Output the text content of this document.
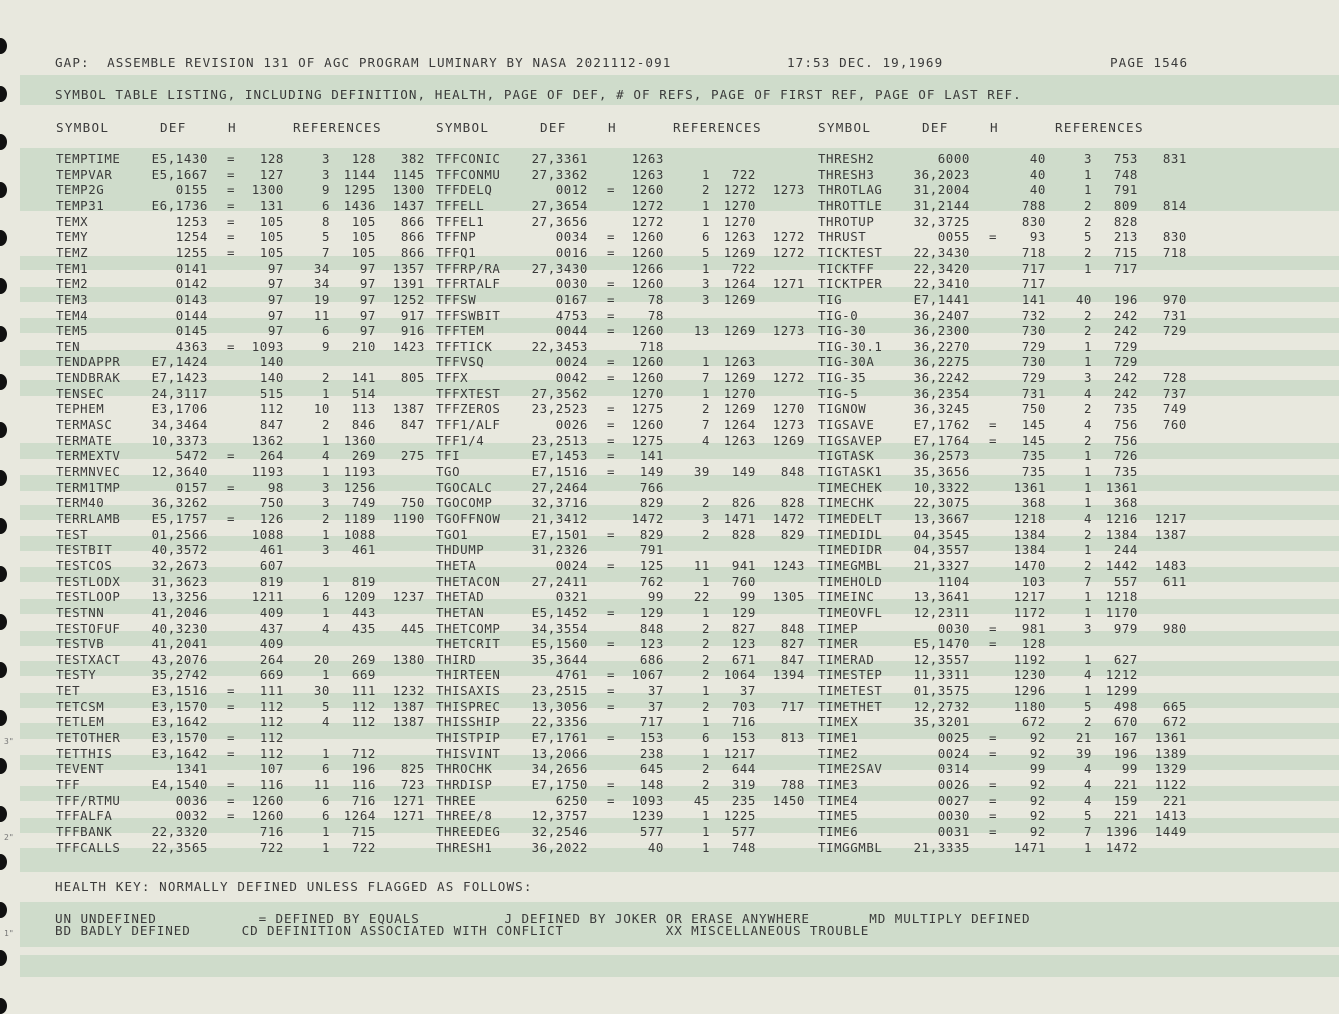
3"
2"
1"
GAP:  ASSEMBLE REVISION 131 OF AGC PROGRAM LUMINARY BY NASA 2021112-091	17:53 DEC. 19,1969	PAGE 1546
SYMBOL TABLE LISTING, INCLUDING DEFINITION, HEALTH, PAGE OF DEF, # OF REFS, PAGE OF FIRST REF, PAGE OF LAST REF.
SYMBOL	DEF	H	REFERENCES	SYMBOL	DEF	H	REFERENCES	SYMBOL	DEF	H	REFERENCES
TEMPTIME	E5,1430 =	128	3	128	382
TEMPVAR	E5,1667 =	127	3	1144	1145
TEMP2G	0155 =	1300	9	1295	1300
TEMP31	E6,1736 =	131	6	1436	1437
TEMX	1253 =	105	8	105	866
TEMY	1254 =	105	5	105	866
TEMZ	1255 =	105	7	105	866
TEM1	0141	97	34	97	1357
TEM2	0142	97	34	97	1391
TEM3	0143	97	19	97	1252
TEM4	0144	97	11	97	917
TEM5	0145	97	6	97	916
TEN	4363 =	1093	9	210	1423
TENDAPPR	E7,1424	140
TENDBRAK	E7,1423	140	2	141	805
TENSEC	24,3117	515	1	514
TEPHEM	E3,1706	112	10	113	1387
TERMASC	34,3464	847	2	846	847
TERMATE	10,3373	1362	1	1360
TERMEXTV	5472 =	264	4	269	275
TERMNVEC	12,3640	1193	1	1193
TERM1TMP	0157 =	98	3	1256
TERM40	36,3262	750	3	749	750
TERRLAMB	E5,1757 =	126	2	1189	1190
TEST	01,2566	1088	1	1088
TESTBIT	40,3572	461	3	461
TESTCOS	32,2673	607
TESTLODX	31,3623	819	1	819
TESTLOOP	13,3256	1211	6	1209	1237
TESTNN	41,2046	409	1	443
TESTOFUF	40,3230	437	4	435	445
TESTVB	41,2041	409
TESTXACT	43,2076	264	20	269	1380
TESTY	35,2742	669	1	669
TET	E3,1516 =	111	30	111	1232
TETCSM	E3,1570 =	112	5	112	1387
TETLEM	E3,1642	112	4	112	1387
TETOTHER	E3,1570 =	112
TETTHIS	E3,1642 =	112	1	712
TEVENT	1341	107	6	196	825
TFF	E4,1540 =	116	11	116	723
TFF/RTMU	0036 =	1260	6	716	1271
TFFALFA	0032 =	1260	6	1264	1271
TFFBANK	22,3320	716	1	715
TFFCALLS	22,3565	722	1	722
TFFCONIC	27,3361	1263
TFFCONMU	27,3362	1263	1	722
TFFDELQ	0012 =	1260	2	1272	1273
TFFELL	27,3654	1272	1	1270
TFFEL1	27,3656	1272	1	1270
TFFNP	0034 =	1260	6	1263	1272
TFFQ1	0016 =	1260	5	1269	1272
TFFRP/RA	27,3430	1266	1	722
TFFRTALF	0030 =	1260	3	1264	1271
TFFSW	0167 =	78	3	1269
TFFSWBIT	4753 =	78
TFFTEM	0044 =	1260	13	1269	1273
TFFTICK	22,3453	718
TFFVSQ	0024 =	1260	1	1263
TFFX	0042 =	1260	7	1269	1272
TFFXTEST	27,3562	1270	1	1270
TFFZEROS	23,2523 =	1275	2	1269	1270
TFF1/ALF	0026 =	1260	7	1264	1273
TFF1/4	23,2513 =	1275	4	1263	1269
TFI	E7,1453 =	141
TGO	E7,1516 =	149	39	149	848
TGOCALC	27,2464	766
TGOCOMP	32,3716	829	2	826	828
TGOFFNOW	21,3412	1472	3	1471	1472
TGO1	E7,1501 =	829	2	828	829
THDUMP	31,2326	791
THETA	0024 =	125	11	941	1243
THETACON	27,2411	762	1	760
THETAD	0321	99	22	99	1305
THETAN	E5,1452 =	129	1	129
THETCOMP	34,3554	848	2	827	848
THETCRIT	E5,1560 =	123	2	123	827
THIRD	35,3644	686	2	671	847
THIRTEEN	4761 =	1067	2	1064	1394
THISAXIS	23,2515 =	37	1	37
THISPREC	13,3056 =	37	2	703	717
THISSHIP	22,3356	717	1	716
THISTPIP	E7,1761 =	153	6	153	813
THISVINT	13,2066	238	1	1217
THROCHK	34,2656	645	2	644
THRDISP	E7,1750 =	148	2	319	788
THREE	6250 =	1093	45	235	1450
THREE/8	12,3757	1239	1	1225
THREEDEG	32,2546	577	1	577
THRESH1	36,2022	40	1	748
THRESH2	6000	40	3	753	831
THRESH3	36,2023	40	1	748
THROTLAG	31,2004	40	1	791
THROTTLE	31,2144	788	2	809	814
THROTUP	32,3725	830	2	828
THRUST	0055 =	93	5	213	830
TICKTEST	22,3430	718	2	715	718
TICKTFF	22,3420	717	1	717
TICKTPER	22,3410	717
TIG	E7,1441	141	40	196	970
TIG-0	36,2407	732	2	242	731
TIG-30	36,2300	730	2	242	729
TIG-30.1	36,2270	729	1	729
TIG-30A	36,2275	730	1	729
TIG-35	36,2242	729	3	242	728
TIG-5	36,2354	731	4	242	737
TIGNOW	36,3245	750	2	735	749
TIGSAVE	E7,1762 =	145	4	756	760
TIGSAVEP	E7,1764 =	145	2	756
TIGTASK	36,2573	735	1	726
TIGTASK1	35,3656	735	1	735
TIMECHEK	10,3322	1361	1	1361
TIMECHK	22,3075	368	1	368
TIMEDELT	13,3667	1218	4	1216	1217
TIMEDIDL	04,3545	1384	2	1384	1387
TIMEDIDR	04,3557	1384	1	244
TIMEGMBL	21,3327	1470	2	1442	1483
TIMEHOLD	1104	103	7	557	611
TIMEINC	13,3641	1217	1	1218
TIMEOVFL	12,2311	1172	1	1170
TIMEP	0030 =	981	3	979	980
TIMER	E5,1470 =	128
TIMERAD	12,3557	1192	1	627
TIMESTEP	11,3311	1230	4	1212
TIMETEST	01,3575	1296	1	1299
TIMETHET	12,2732	1180	5	498	665
TIMEX	35,3201	672	2	670	672
TIME1	0025 =	92	21	167	1361
TIME2	0024 =	92	39	196	1389
TIME2SAV	0314	99	4	99	1329
TIME3	0026 =	92	4	221	1122
TIME4	0027 =	92	4	159	221
TIME5	0030 =	92	5	221	1413
TIME6	0031 =	92	7	1396	1449
TIMGGMBL	21,3335	1471	1	1472
HEALTH KEY: NORMALLY DEFINED UNLESS FLAGGED AS FOLLOWS:
UN UNDEFINED            = DEFINED BY EQUALS          J DEFINED BY JOKER OR ERASE ANYWHERE       MD MULTIPLY DEFINED
BD BADLY DEFINED      CD DEFINITION ASSOCIATED WITH CONFLICT            XX MISCELLANEOUS TROUBLE
